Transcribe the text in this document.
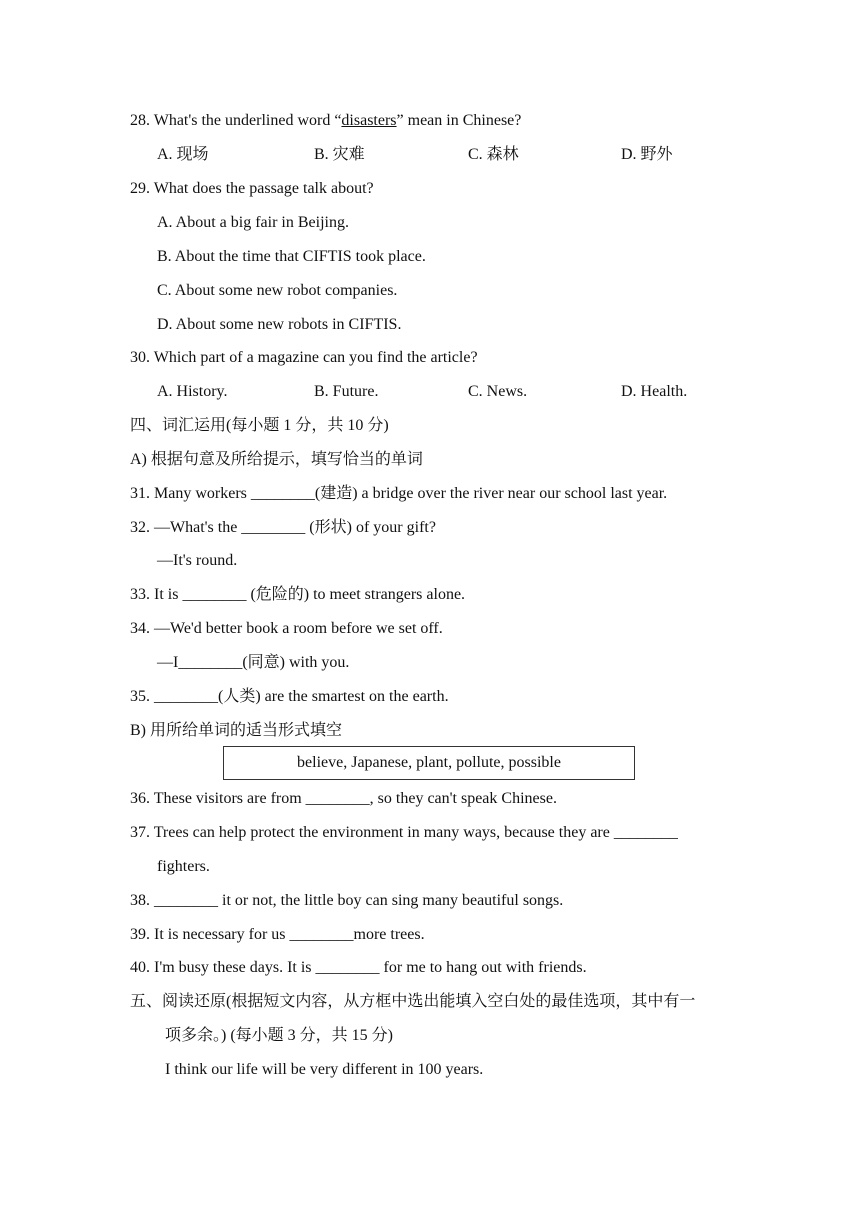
28. What's the underlined word “disasters” mean in Chinese?
A. 现场	B. 灾难	C. 森林	D. 野外
29. What does the passage talk about?
A. About a big fair in Beijing.
B. About the time that CIFTIS took place.
C. About some new robot companies.
D. About some new robots in CIFTIS.
30. Which part of a magazine can you find the article?
A. History.	B. Future.	C. News.	D. Health.
四、词汇运用(每小题 1 分，共 10 分)
A) 根据句意及所给提示，填写恰当的单词
31. Many workers ________(建造) a bridge over the river near our school last year.
32. —What's the ________ (形状) of your gift?
—It's round.
33. It is ________ (危险的) to meet strangers alone.
34. —We'd better book a room before we set off.
—I________(同意) with you.
35. ________(人类) are the smartest on the earth.
B) 用所给单词的适当形式填空
believe, Japanese, plant, pollute, possible
36. These visitors are from ________, so they can't speak Chinese.
37. Trees can help protect the environment in many ways, because they are ________
fighters.
38. ________ it or not, the little boy can sing many beautiful songs.
39. It is necessary for us ________more trees.
40. I'm busy these days. It is ________ for me to hang out with friends.
五、阅读还原(根据短文内容，从方框中选出能填入空白处的最佳选项，其中有一
项多余。) (每小题 3 分，共 15 分)
I think our life will be very different in 100 years.
